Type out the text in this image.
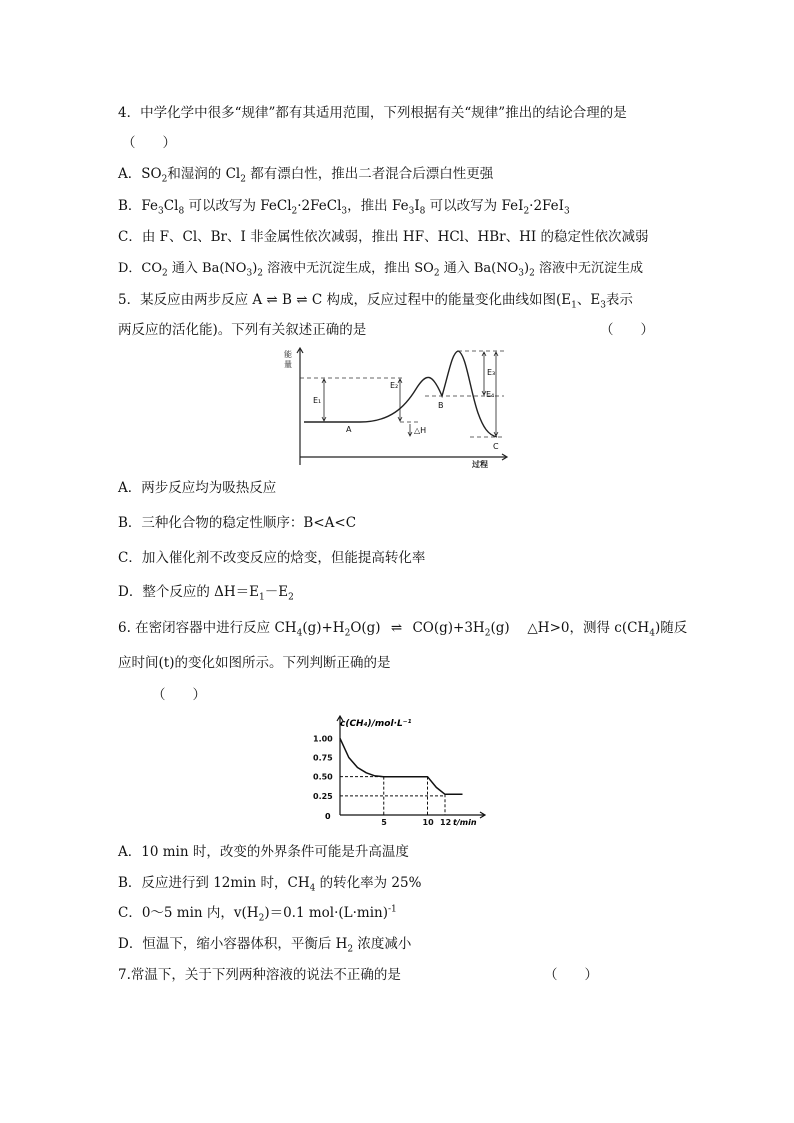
4．中学化学中很多“规律”都有其适用范围，下列根据有关“规律”推出的结论合理的是
（　　）
A．$SO_2$和湿润的 $Cl_2$ 都有漂白性，推出二者混合后漂白性更强
B．$Fe_3Cl_8$ 可以改写为 FeCl$_2$·2FeCl$_3$，推出 $Fe_3I_8$ 可以改写为 FeI$_2$·2FeI$_3$
C．由 F、Cl、Br、I 非金属性依次减弱，推出 HF、HCl、HBr、HI 的稳定性依次减弱
D．$CO_2$ 通入 $Ba(NO_3)_2$ 溶液中无沉淀生成，推出 $SO_2$ 通入 $Ba(NO_3)_2$ 溶液中无沉淀生成
5．某反应由两步反应 A ⇌ B ⇌ C 构成，反应过程中的能量变化曲线如图($E_1$、$E_3$表示
两反应的活化能)。下列有关叙述正确的是	（　　）
能
量
E₁
E₂
E₃
E₄
A
B
C
△H
过程
A．两步反应均为吸热反应
B．三种化合物的稳定性顺序：B<A<C
C．加入催化剂不改变反应的焓变，但能提高转化率
D．整个反应的 $\Delta H=E_1-E_2$
6. 在密闭容器中进行反应 $CH_4(g)+H_2O(g)$ ⇌ $CO(g)+3H_2(g)$　 △H>0，测得 $c(CH_4)$随反
应时间(t)的变化如图所示。下列判断正确的是
（　　）
c(CH₄)/mol·L⁻¹
t/min
0
0.25
0.50
0.75
1.00
5	10 12
A．10 min 时，改变的外界条件可能是升高温度
B．反应进行到 12min 时，$CH_4$ 的转化率为 25%
C．0～5 min 内，$v(H_2)=0.1$ $mol\cdot(L\cdot\min)^{-1}$
D．恒温下，缩小容器体积，平衡后 $H_2$ 浓度减小
7.常温下，关于下列两种溶液的说法不正确的是	（　　）
